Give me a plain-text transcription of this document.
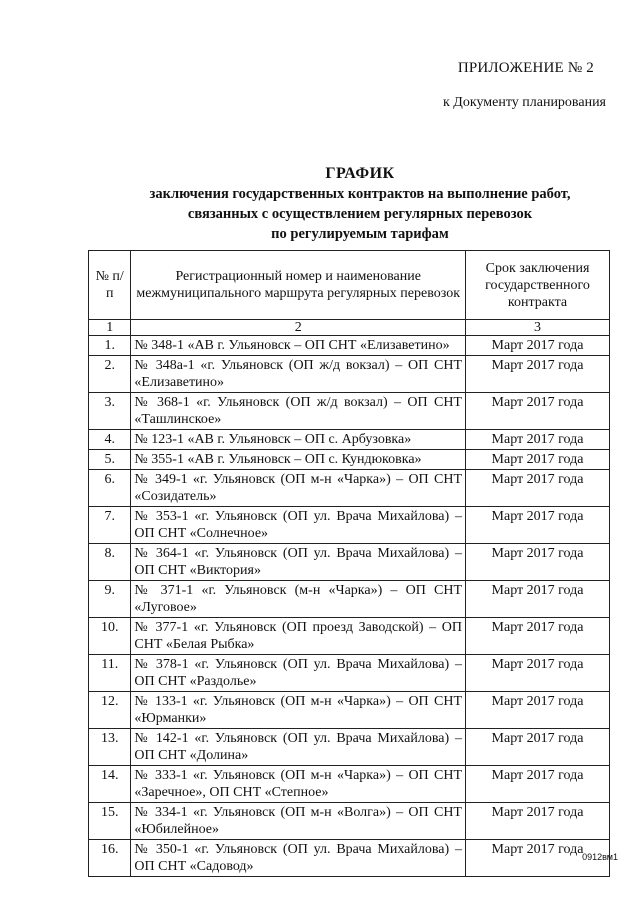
ПРИЛОЖЕНИЕ № 2
к Документу планирования
ГРАФИК
заключения государственных контрактов на выполнение работ,
связанных с осуществлением регулярных перевозок
по регулируемым тарифам
№ п/п	Регистрационный номер и наименование межмуниципального маршрута регулярных перевозок	Срок заключения государственного контракта
1	2	3
1.	№ 348-1 «АВ г. Ульяновск – ОП СНТ «Елизаветино»	Март 2017 года
2.	№ 348а-1 «г. Ульяновск (ОП ж/д вокзал) – ОП СНТ «Елизаветино»	Март 2017 года
3.	№ 368-1 «г. Ульяновск (ОП ж/д вокзал) – ОП СНТ «Ташлинское»	Март 2017 года
4.	№ 123-1 «АВ г. Ульяновск – ОП с. Арбузовка»	Март 2017 года
5.	№ 355-1 «АВ г. Ульяновск – ОП с. Кундюковка»	Март 2017 года
6.	№ 349-1 «г. Ульяновск (ОП м-н «Чарка») – ОП СНТ «Созидатель»	Март 2017 года
7.	№ 353-1 «г. Ульяновск (ОП ул. Врача Михайлова) – ОП СНТ «Солнечное»	Март 2017 года
8.	№ 364-1 «г. Ульяновск (ОП ул. Врача Михайлова) – ОП СНТ «Виктория»	Март 2017 года
9.	№ 371-1 «г. Ульяновск (м-н «Чарка») – ОП СНТ «Луговое»	Март 2017 года
10.	№ 377-1 «г. Ульяновск (ОП проезд Заводской) – ОП СНТ «Белая Рыбка»	Март 2017 года
11.	№ 378-1 «г. Ульяновск (ОП ул. Врача Михайлова) – ОП СНТ «Раздолье»	Март 2017 года
12.	№ 133-1 «г. Ульяновск (ОП м-н «Чарка») – ОП СНТ «Юрманки»	Март 2017 года
13.	№ 142-1 «г. Ульяновск (ОП ул. Врача Михайлова) – ОП СНТ «Долина»	Март 2017 года
14.	№ 333-1 «г. Ульяновск (ОП м-н «Чарка») – ОП СНТ «Заречное», ОП СНТ «Степное»	Март 2017 года
15.	№ 334-1 «г. Ульяновск (ОП м-н «Волга») – ОП СНТ «Юбилейное»	Март 2017 года
16.	№ 350-1 «г. Ульяновск (ОП ул. Врача Михайлова) – ОП СНТ «Садовод»	Март 2017 года
0912вм1
